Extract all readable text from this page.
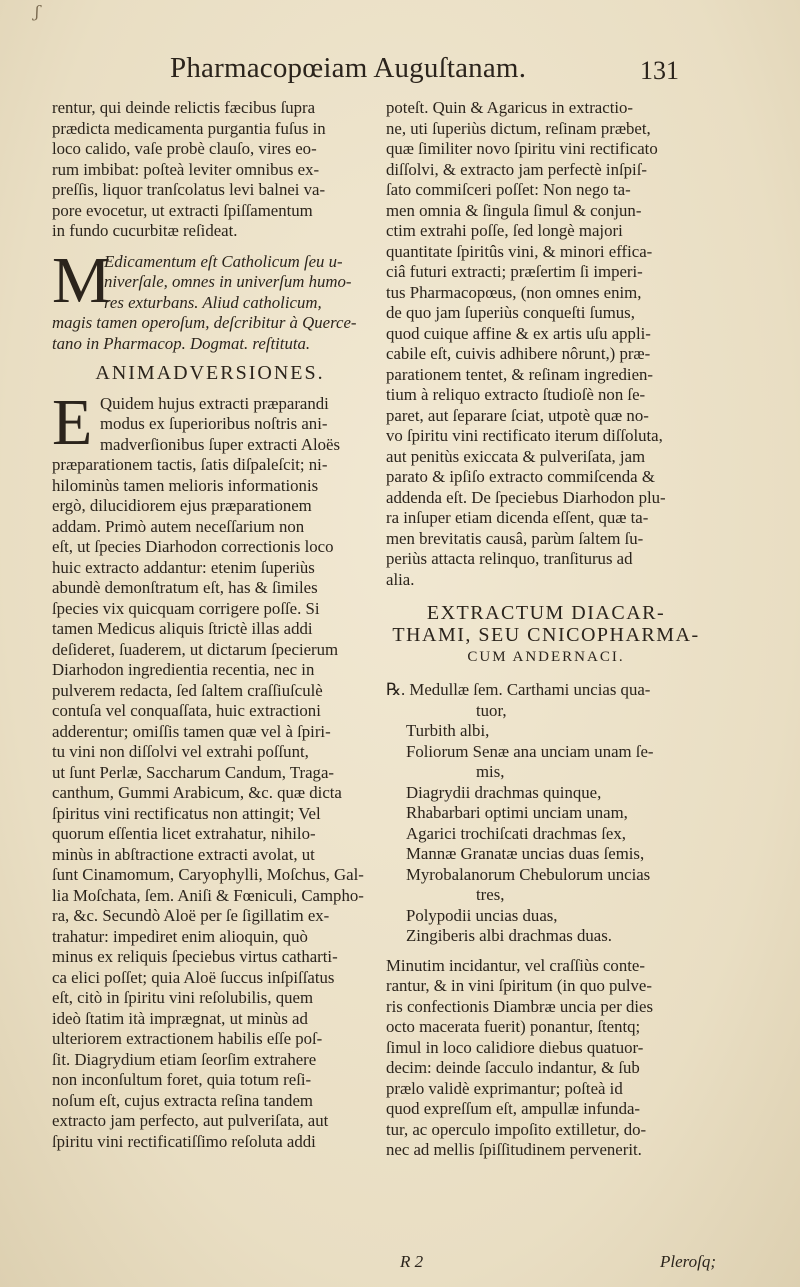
ʃ
Pharmacopœiam Auguſtanam.	131
rentur, qui deinde relictis fæcibus ſupra
prædicta medicamenta purgantia fuſus in
loco calido, vaſe probè clauſo, vires eo-
rum imbibat: poſteà leviter omnibus ex-
preſſis, liquor tranſcolatus levi balnei va-
pore evocetur, ut extracti ſpiſſamentum
in fundo cucurbitæ reſideat.
M
Edicamentum eſt Catholicum ſeu u-
niverſale, omnes in univerſum humo-
res exturbans. Aliud catholicum,
magis tamen operoſum, deſcribitur à Querce-
tano in Pharmacop. Dogmat. reſtituta.
ANIMADVERSIONES.
E Quidem hujus extracti præparandi
modus ex ſuperioribus noſtris ani-
madverſionibus ſuper extracti Aloës
præparationem tactis, ſatis diſpaleſcit; ni-
hilominùs tamen melioris informationis
ergò, dilucidiorem ejus præparationem
addam. Primò autem neceſſarium non
eſt, ut ſpecies Diarhodon correctionis loco
huic extracto addantur: etenim ſuperiùs
abundè demonſtratum eſt, has & ſimiles
ſpecies vix quicquam corrigere poſſe. Si
tamen Medicus aliquis ſtrictè illas addi
deſideret, ſuaderem, ut dictarum ſpecierum
Diarhodon ingredientia recentia, nec in
pulverem redacta, ſed ſaltem craſſiuſculè
contuſa vel conquaſſata, huic extractioni
adderentur; omiſſis tamen quæ vel à ſpiri-
tu vini non diſſolvi vel extrahi poſſunt,
ut ſunt Perlæ, Saccharum Candum, Traga-
canthum, Gummi Arabicum, &c. quæ dicta
ſpiritus vini rectificatus non attingit; Vel
quorum eſſentia licet extrahatur, nihilo-
minùs in abſtractione extracti avolat, ut
ſunt Cinamomum, Caryophylli, Moſchus, Gal-
lia Moſchata, ſem. Aniſi & Fœniculi, Campho-
ra, &c. Secundò Aloë per ſe ſigillatim ex-
trahatur: impediret enim alioquin, quò
minus ex reliquis ſpeciebus virtus catharti-
ca elici poſſet; quia Aloë ſuccus inſpiſſatus
eſt, citò in ſpiritu vini reſolubilis, quem
ideò ſtatim ità imprægnat, ut minùs ad
ulteriorem extractionem habilis eſſe poſ-
ſit. Diagrydium etiam ſeorſim extrahere
non inconſultum foret, quia totum reſi-
noſum eſt, cujus extracta reſina tandem
extracto jam perfecto, aut pulveriſata, aut
ſpiritu vini rectificatiſſimo reſoluta addi
poteſt. Quin & Agaricus in extractio-
ne, uti ſuperiùs dictum, reſinam præbet,
quæ ſimiliter novo ſpiritu vini rectificato
diſſolvi, & extracto jam perfectè inſpiſ-
ſato commiſceri poſſet: Non nego ta-
men omnia & ſingula ſimul & conjun-
ctim extrahi poſſe, ſed longè majori
quantitate ſpiritûs vini, & minori effica-
ciâ futuri extracti; præſertim ſi imperi-
tus Pharmacopœus, (non omnes enim,
de quo jam ſuperiùs conqueſti ſumus,
quod cuique affine & ex artis uſu appli-
cabile eſt, cuivis adhibere nôrunt,) præ-
parationem tentet, & reſinam ingredien-
tium à reliquo extracto ſtudioſè non ſe-
paret, aut ſeparare ſciat, utpotè quæ no-
vo ſpiritu vini rectificato iterum diſſoluta,
aut penitùs exiccata & pulveriſata, jam
parato & ipſiſo extracto commiſcenda &
addenda eſt. De ſpeciebus Diarhodon plu-
ra inſuper etiam dicenda eſſent, quæ ta-
men brevitatis causâ, parùm ſaltem ſu-
periùs attacta relinquo, tranſiturus ad
alia.
EXTRACTUM DIACAR-
THAMI, SEU CNICOPHARMA-
CUM ANDERNACI.
℞. Medullæ ſem. Carthami uncias qua-
tuor,
Turbith albi,
Foliorum Senæ ana unciam unam ſe-
mis,
Diagrydii drachmas quinque,
Rhabarbari optimi unciam unam,
Agarici trochiſcati drachmas ſex,
Mannæ Granatæ uncias duas ſemis,
Myrobalanorum Chebulorum uncias
tres,
Polypodii uncias duas,
Zingiberis albi drachmas duas.
Minutim incidantur, vel craſſiùs conte-
rantur, & in vini ſpiritum (in quo pulve-
ris confectionis Diambræ uncia per dies
octo macerata fuerit) ponantur, ſtentq;
ſimul in loco calidiore diebus quatuor-
decim: deinde ſacculo indantur, & ſub
prælo validè exprimantur; poſteà id
quod expreſſum eſt, ampullæ infunda-
tur, ac operculo impoſito extilletur, do-
nec ad mellis ſpiſſitudinem pervenerit.
R 2	Pleroſq;
